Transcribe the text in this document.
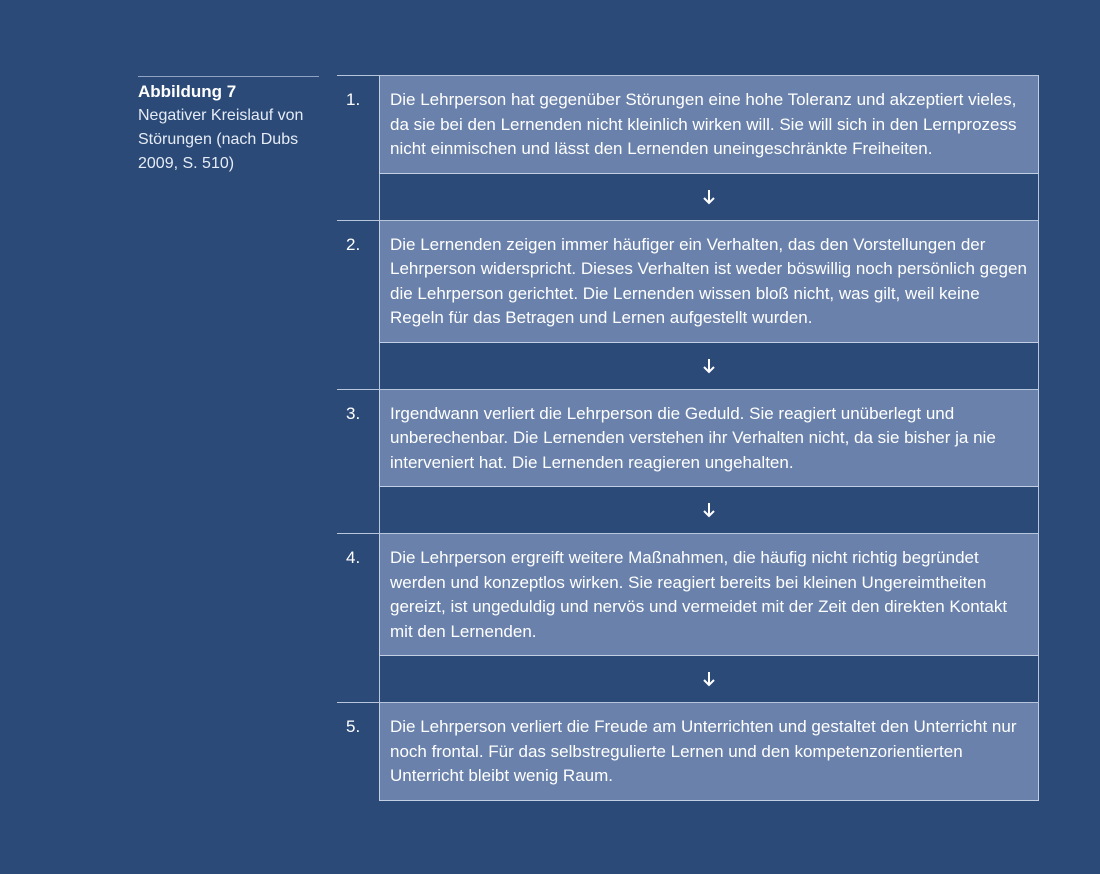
Abbildung 7
Negativer Kreislauf von Störungen (nach Dubs 2009, S. 510)
1.	Die Lehrperson hat gegenüber Störungen eine hohe Toleranz und akzeptiert vieles, da sie bei den Lernenden nicht kleinlich wirken will. Sie will sich in den Lernprozess nicht einmischen und lässt den Lernenden uneingeschränkte Freiheiten.
2.	Die Lernenden zeigen immer häufiger ein Verhalten, das den Vorstellungen der Lehrperson widerspricht. Dieses Verhalten ist weder böswillig noch persönlich gegen die Lehrperson gerichtet. Die Lernenden wissen bloß nicht, was gilt, weil keine Regeln für das Betragen und Lernen aufgestellt wurden.
3.	Irgendwann verliert die Lehrperson die Geduld. Sie reagiert unüberlegt und unberechenbar. Die Lernenden verstehen ihr Verhalten nicht, da sie bisher ja nie interveniert hat. Die Lernenden reagieren ungehalten.
4.	Die Lehrperson ergreift weitere Maßnahmen, die häufig nicht richtig begründet werden und konzeptlos wirken. Sie reagiert bereits bei kleinen Ungereimtheiten gereizt, ist ungeduldig und nervös und vermeidet mit der Zeit den direkten Kontakt mit den Lernenden.
5.	Die Lehrperson verliert die Freude am Unterrichten und gestaltet den Unterricht nur noch frontal. Für das selbstregulierte Lernen und den kompetenzorientierten Unterricht bleibt wenig Raum.
